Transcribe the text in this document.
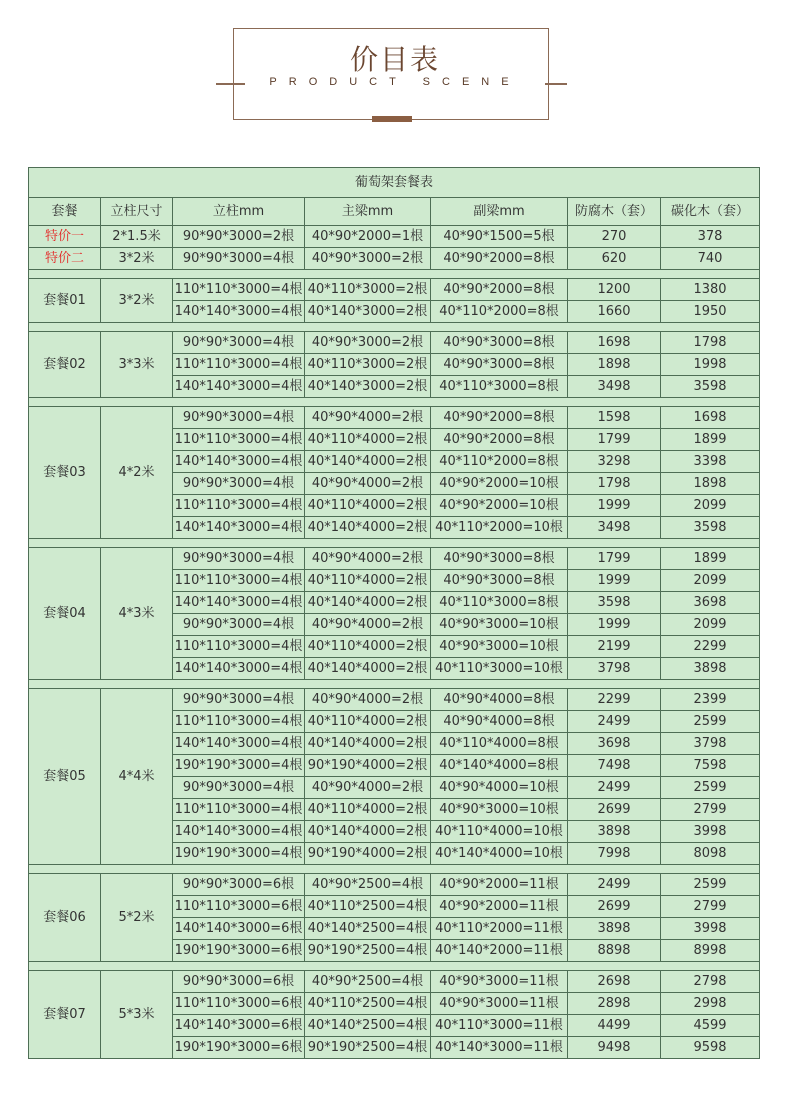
价目表
PRODUCT SCENE
葡萄架套餐表						
套餐	立柱尺寸	立柱mm	主梁mm	副梁mm	防腐木（套）	碳化木（套）
特价一	2*1.5米	90*90*3000=2根	40*90*2000=1根	40*90*1500=5根	270	378
特价二	3*2米	90*90*3000=4根	40*90*3000=2根	40*90*2000=8根	620	740

套餐01	3*2米	110*110*3000=4根	40*110*3000=2根	40*90*2000=8根	1200	1380
		140*140*3000=4根	40*140*3000=2根	40*110*2000=8根	1660	1950

套餐02	3*3米	90*90*3000=4根	40*90*3000=2根	40*90*3000=8根	1698	1798
		110*110*3000=4根	40*110*3000=2根	40*90*3000=8根	1898	1998
		140*140*3000=4根	40*140*3000=2根	40*110*3000=8根	3498	3598

套餐03	4*2米	90*90*3000=4根	40*90*4000=2根	40*90*2000=8根	1598	1698
		110*110*3000=4根	40*110*4000=2根	40*90*2000=8根	1799	1899
		140*140*3000=4根	40*140*4000=2根	40*110*2000=8根	3298	3398
		90*90*3000=4根	40*90*4000=2根	40*90*2000=10根	1798	1898
		110*110*3000=4根	40*110*4000=2根	40*90*2000=10根	1999	2099
		140*140*3000=4根	40*140*4000=2根	40*110*2000=10根	3498	3598

套餐04	4*3米	90*90*3000=4根	40*90*4000=2根	40*90*3000=8根	1799	1899
		110*110*3000=4根	40*110*4000=2根	40*90*3000=8根	1999	2099
		140*140*3000=4根	40*140*4000=2根	40*110*3000=8根	3598	3698
		90*90*3000=4根	40*90*4000=2根	40*90*3000=10根	1999	2099
		110*110*3000=4根	40*110*4000=2根	40*90*3000=10根	2199	2299
		140*140*3000=4根	40*140*4000=2根	40*110*3000=10根	3798	3898

套餐05	4*4米	90*90*3000=4根	40*90*4000=2根	40*90*4000=8根	2299	2399
		110*110*3000=4根	40*110*4000=2根	40*90*4000=8根	2499	2599
		140*140*3000=4根	40*140*4000=2根	40*110*4000=8根	3698	3798
		190*190*3000=4根	90*190*4000=2根	40*140*4000=8根	7498	7598
		90*90*3000=4根	40*90*4000=2根	40*90*4000=10根	2499	2599
		110*110*3000=4根	40*110*4000=2根	40*90*3000=10根	2699	2799
		140*140*3000=4根	40*140*4000=2根	40*110*4000=10根	3898	3998
		190*190*3000=4根	90*190*4000=2根	40*140*4000=10根	7998	8098

套餐06	5*2米	90*90*3000=6根	40*90*2500=4根	40*90*2000=11根	2499	2599
		110*110*3000=6根	40*110*2500=4根	40*90*2000=11根	2699	2799
		140*140*3000=6根	40*140*2500=4根	40*110*2000=11根	3898	3998
		190*190*3000=6根	90*190*2500=4根	40*140*2000=11根	8898	8998

套餐07	5*3米	90*90*3000=6根	40*90*2500=4根	40*90*3000=11根	2698	2798
		110*110*3000=6根	40*110*2500=4根	40*90*3000=11根	2898	2998
		140*140*3000=6根	40*140*2500=4根	40*110*3000=11根	4499	4599
		190*190*3000=6根	90*190*2500=4根	40*140*3000=11根	9498	9598
